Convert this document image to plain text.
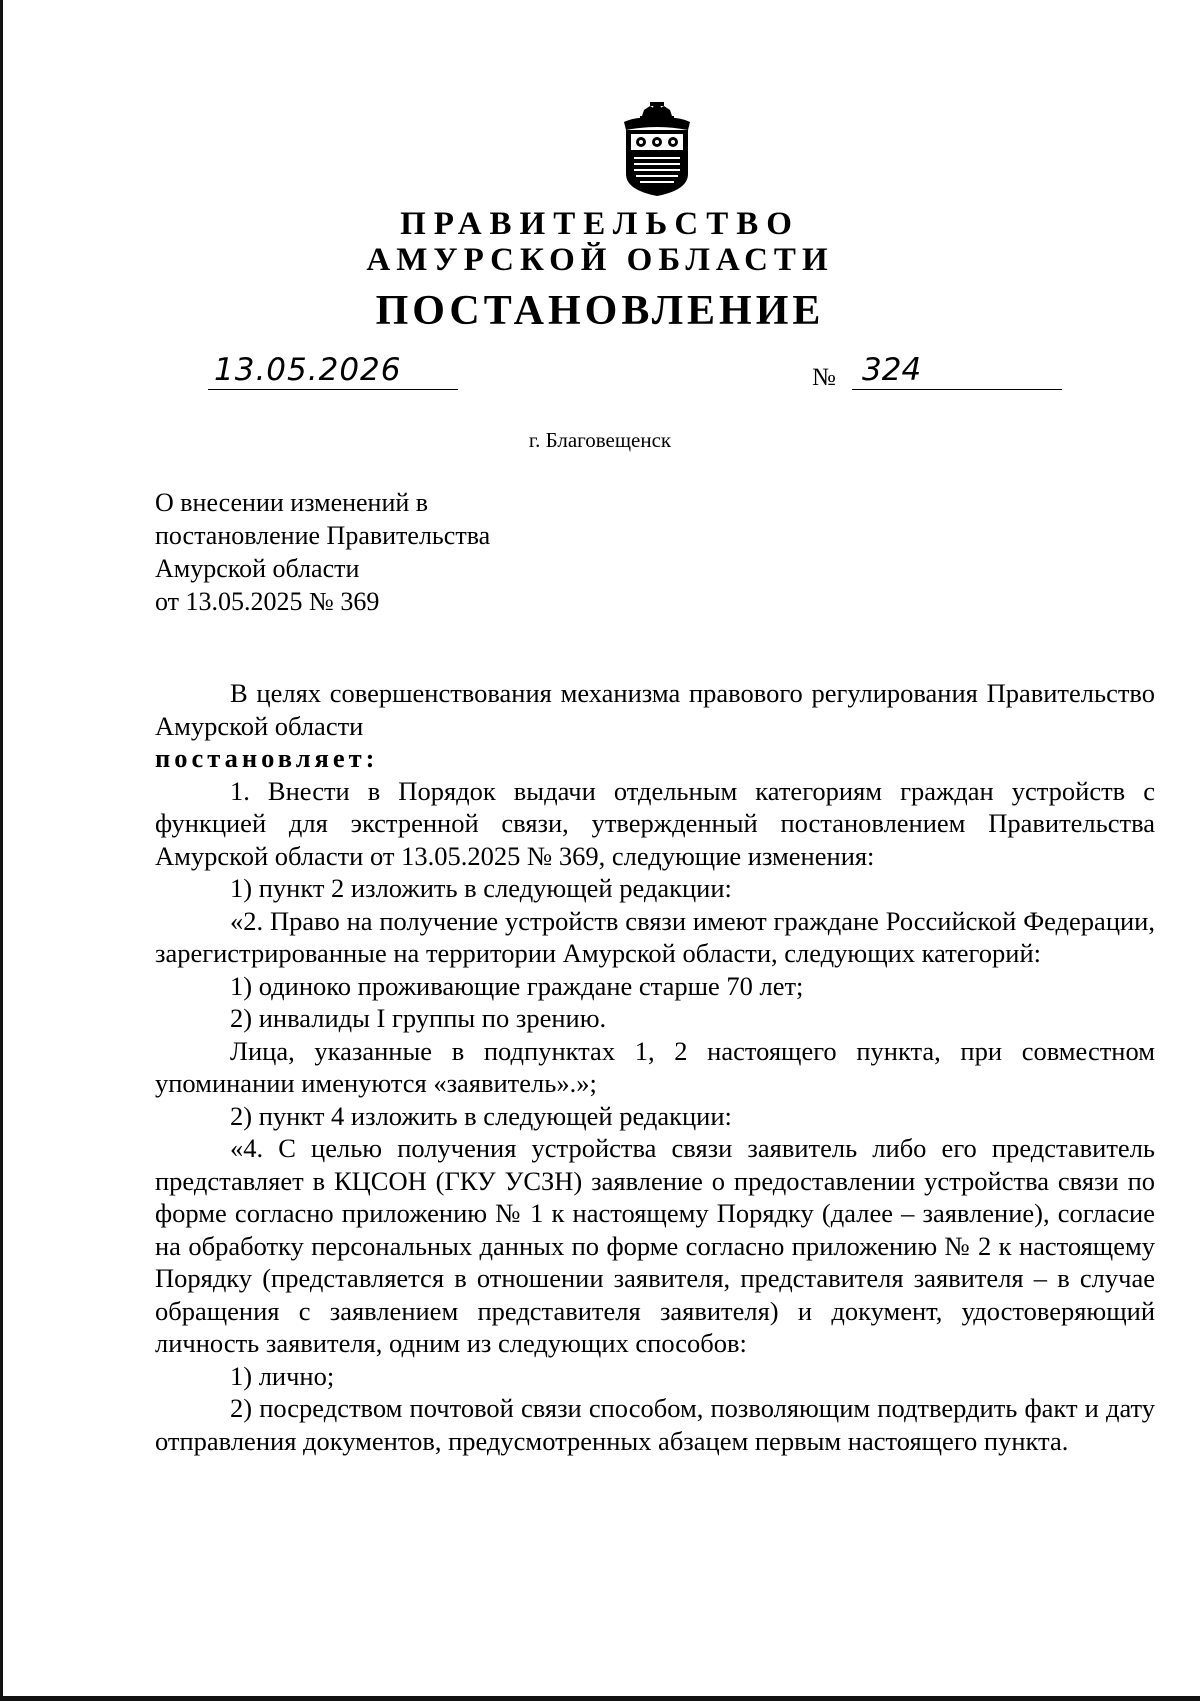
ПРАВИТЕЛЬСТВО
АМУРСКОЙ ОБЛАСТИ
ПОСТАНОВЛЕНИЕ
13.05.2026	№ 324
г. Благовещенск
О внесении изменений в
постановление Правительства
Амурской области
от 13.05.2025 № 369
В целях совершенствования механизма правового регулирования Правительство Амурской области
постановляет:
1. Внести в Порядок выдачи отдельным категориям граждан устройств с функцией для экстренной связи, утвержденный постановлением Правительства Амурской области от 13.05.2025 № 369, следующие изменения:
1) пункт 2 изложить в следующей редакции:
«2. Право на получение устройств связи имеют граждане Российской Федерации, зарегистрированные на территории Амурской области, следующих категорий:
1) одиноко проживающие граждане старше 70 лет;
2) инвалиды I группы по зрению.
Лица, указанные в подпунктах 1, 2 настоящего пункта, при совместном упоминании именуются «заявитель».»;
2) пункт 4 изложить в следующей редакции:
«4. С целью получения устройства связи заявитель либо его представитель представляет в КЦСОН (ГКУ УСЗН) заявление о предоставлении устройства связи по форме согласно приложению № 1 к настоящему Порядку (далее – заявление), согласие на обработку персональных данных по форме согласно приложению № 2 к настоящему Порядку (представляется в отношении заявителя, представителя заявителя – в случае обращения с заявлением представителя заявителя) и документ, удостоверяющий личность заявителя, одним из следующих способов:
1) лично;
2) посредством почтовой связи способом, позволяющим подтвердить факт и дату отправления документов, предусмотренных абзацем первым настоящего пункта.
